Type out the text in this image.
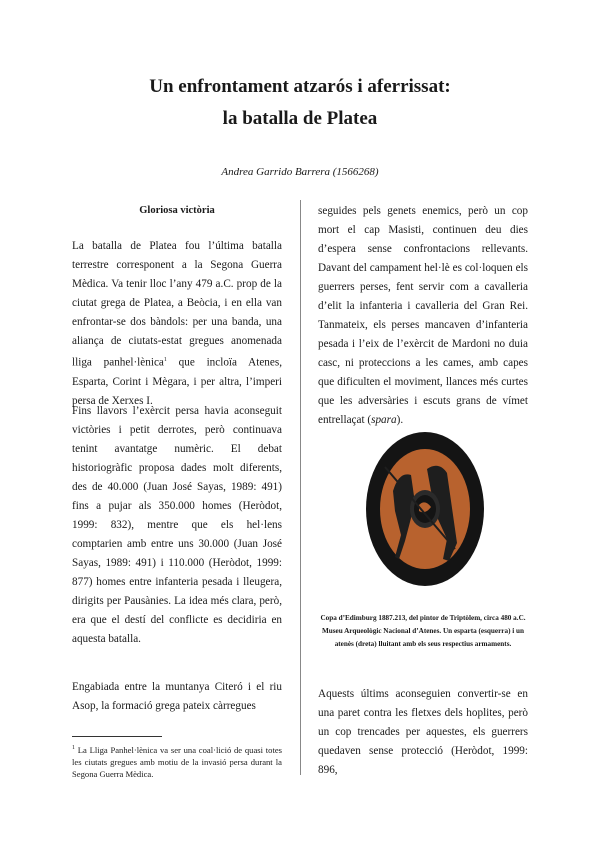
Un enfrontament atzarós i aferrissat:
la batalla de Platea
Andrea Garrido Barrera (1566268)
Gloriosa victòria
La batalla de Platea fou l’última batalla terrestre corresponent a la Segona Guerra Mèdica. Va tenir lloc l’any 479 a.C. prop de la ciutat grega de Platea, a Beòcia, i en ella van enfrontar-se dos bàndols: per una banda, una aliança de ciutats-estat gregues anomenada lliga panhel·lènica$^1$ que incloïa Atenes, Esparta, Corint i Mègara, i per altra, l’imperi persa de Xerxes I.
Fins llavors l’exèrcit persa havia aconseguit victòries i petit derrotes, però continuava tenint avantatge numèric. El debat historiogràfic proposa dades molt diferents, des de 40.000 (Juan José Sayas, 1989: 491) fins a pujar als 350.000 homes (Heròdot, 1999: 832), mentre que els hel·lens comptarien amb entre uns 30.000 (Juan José Sayas, 1989: 491) i 110.000 (Heròdot, 1999: 877) homes entre infanteria pesada i lleugera, dirigits per Pausànies. La idea més clara, però, era que el destí del conflicte es decidiria en aquesta batalla.
Engabiada entre la muntanya Citeró i el riu Asop, la formació grega pateix càrregues
$^1$ La Lliga Panhel·lènica va ser una coal·lició de quasi totes les ciutats gregues amb motiu de la invasió persa durant la Segona Guerra Mèdica.
seguides pels genets enemics, però un cop mort el cap Masisti, continuen deu dies d’espera sense confrontacions rellevants. Davant del campament hel·lè es col·loquen els guerrers perses, fent servir com a cavalleria d’elit la infanteria i cavalleria del Gran Rei. Tanmateix, els perses mancaven d’infanteria pesada i l’eix de l’exèrcit de Mardoni no duia casc, ni proteccions a les cames, amb capes que dificulten el moviment, llances més curtes que les adversàries i escuts grans de vímet entrellaçat (spara).
Copa d’Edimburg 1887.213, del pintor de Triptòlem, circa 480 a.C. Museu Arqueològic Nacional d’Atenes. Un esparta (esquerra) i un atenès (dreta) lluitant amb els seus respectius armaments.
Aquests últims aconseguien convertir-se en una paret contra les fletxes dels hoplites, però un cop trencades per aquestes, els guerrers quedaven sense protecció (Heròdot, 1999: 896,
